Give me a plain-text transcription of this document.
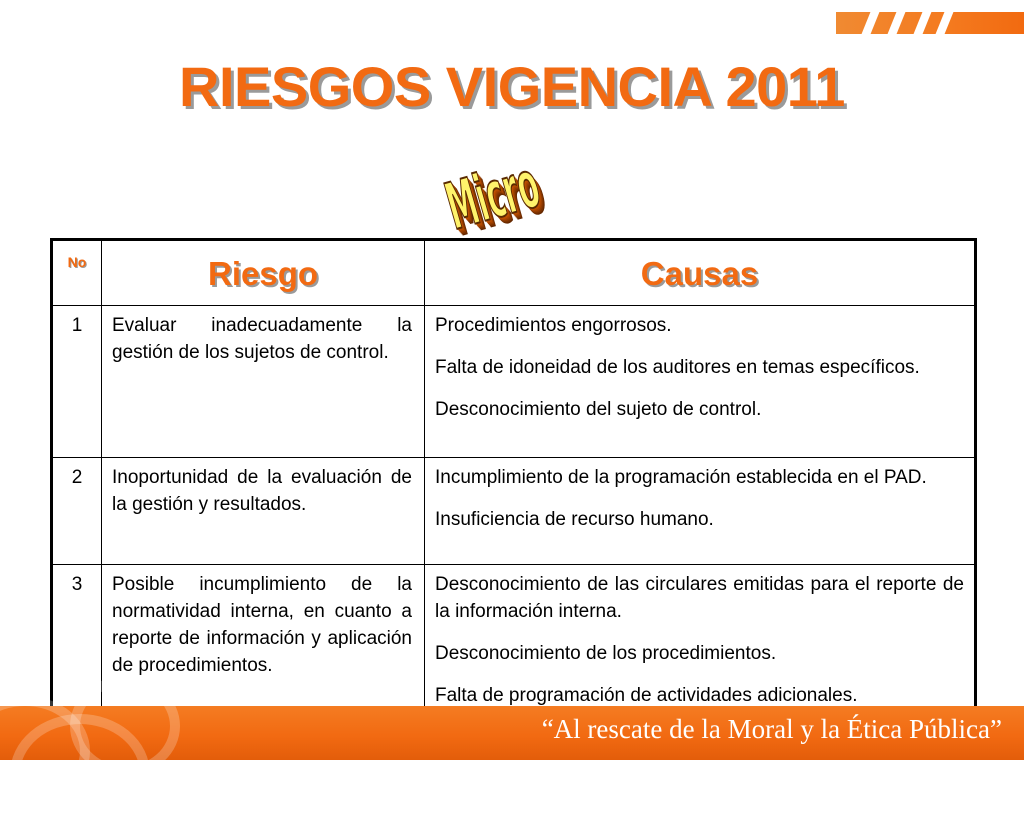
RIESGOS VIGENCIA 2011
Micro
No	Riesgo	Causas
1	Evaluar inadecuadamente la gestión de los sujetos de control.	Procedimientos engorrosos.

Falta de idoneidad de los auditores en temas específicos.

Desconocimiento del sujeto de control.

2	Inoportunidad de la evaluación de la gestión y resultados.	Incumplimiento de la programación establecida en el PAD.

Insuficiencia de recurso humano.

3	Posible incumplimiento de la normatividad interna, en cuanto a reporte de información y aplicación de procedimientos.	Desconocimiento de las circulares emitidas para el reporte de la información interna.

Desconocimiento de los procedimientos.

Falta de programación de actividades adicionales.

“Al rescate de la Moral y la Ética Pública”
